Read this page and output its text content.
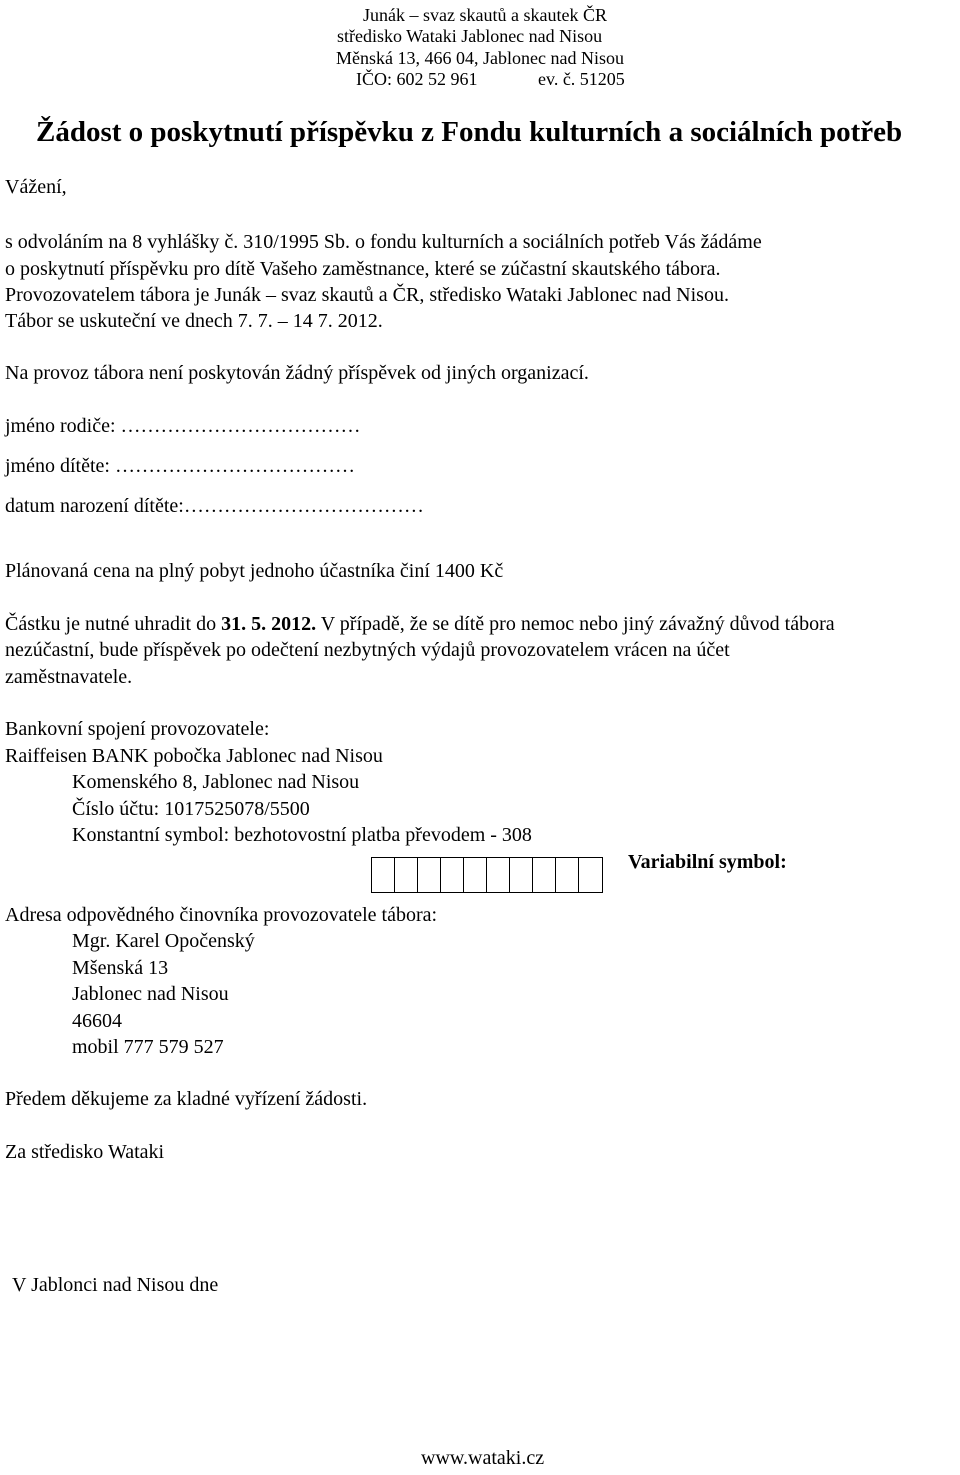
Junák – svaz skautů a skautek ČR
středisko Wataki Jablonec nad Nisou
Měnská 13, 466 04, Jablonec nad Nisou
IČO: 602 52 961	ev. č. 51205
Žádost o poskytnutí příspěvku z Fondu kulturních a sociálních potřeb
Vážení,
s odvoláním na 8 vyhlášky č. 310/1995 Sb. o fondu kulturních a sociálních potřeb Vás žádáme
o poskytnutí příspěvku pro dítě Vašeho zaměstnance, které se zúčastní skautského tábora.
Provozovatelem tábora je Junák – svaz skautů a ČR, středisko Wataki Jablonec nad Nisou.
Tábor se uskuteční ve dnech 7. 7. – 14 7. 2012.
Na provoz tábora není poskytován žádný příspěvek od jiných organizací.
jméno rodiče: ………………………………
jméno dítěte: ………………………………
datum narození dítěte:………………………………
Plánovaná cena na plný pobyt jednoho účastníka činí 1400 Kč
Částku je nutné uhradit do 31. 5. 2012. V případě, že se dítě pro nemoc nebo jiný závažný důvod tábora
nezúčastní, bude příspěvek po odečtení nezbytných výdajů provozovatelem vrácen na účet
zaměstnavatele.
Bankovní spojení provozovatele:
Raiffeisen BANK pobočka Jablonec nad Nisou
Komenského 8, Jablonec nad Nisou
Číslo účtu: 1017525078/5500
Konstantní symbol: bezhotovostní platba převodem - 308
Variabilní symbol:
Adresa odpovědného činovníka provozovatele tábora:
Mgr. Karel Opočenský
Mšenská 13
Jablonec nad Nisou
46604
mobil 777 579 527
Předem děkujeme za kladné vyřízení žádosti.
Za středisko Wataki
V Jablonci nad Nisou dne
www.wataki.cz
